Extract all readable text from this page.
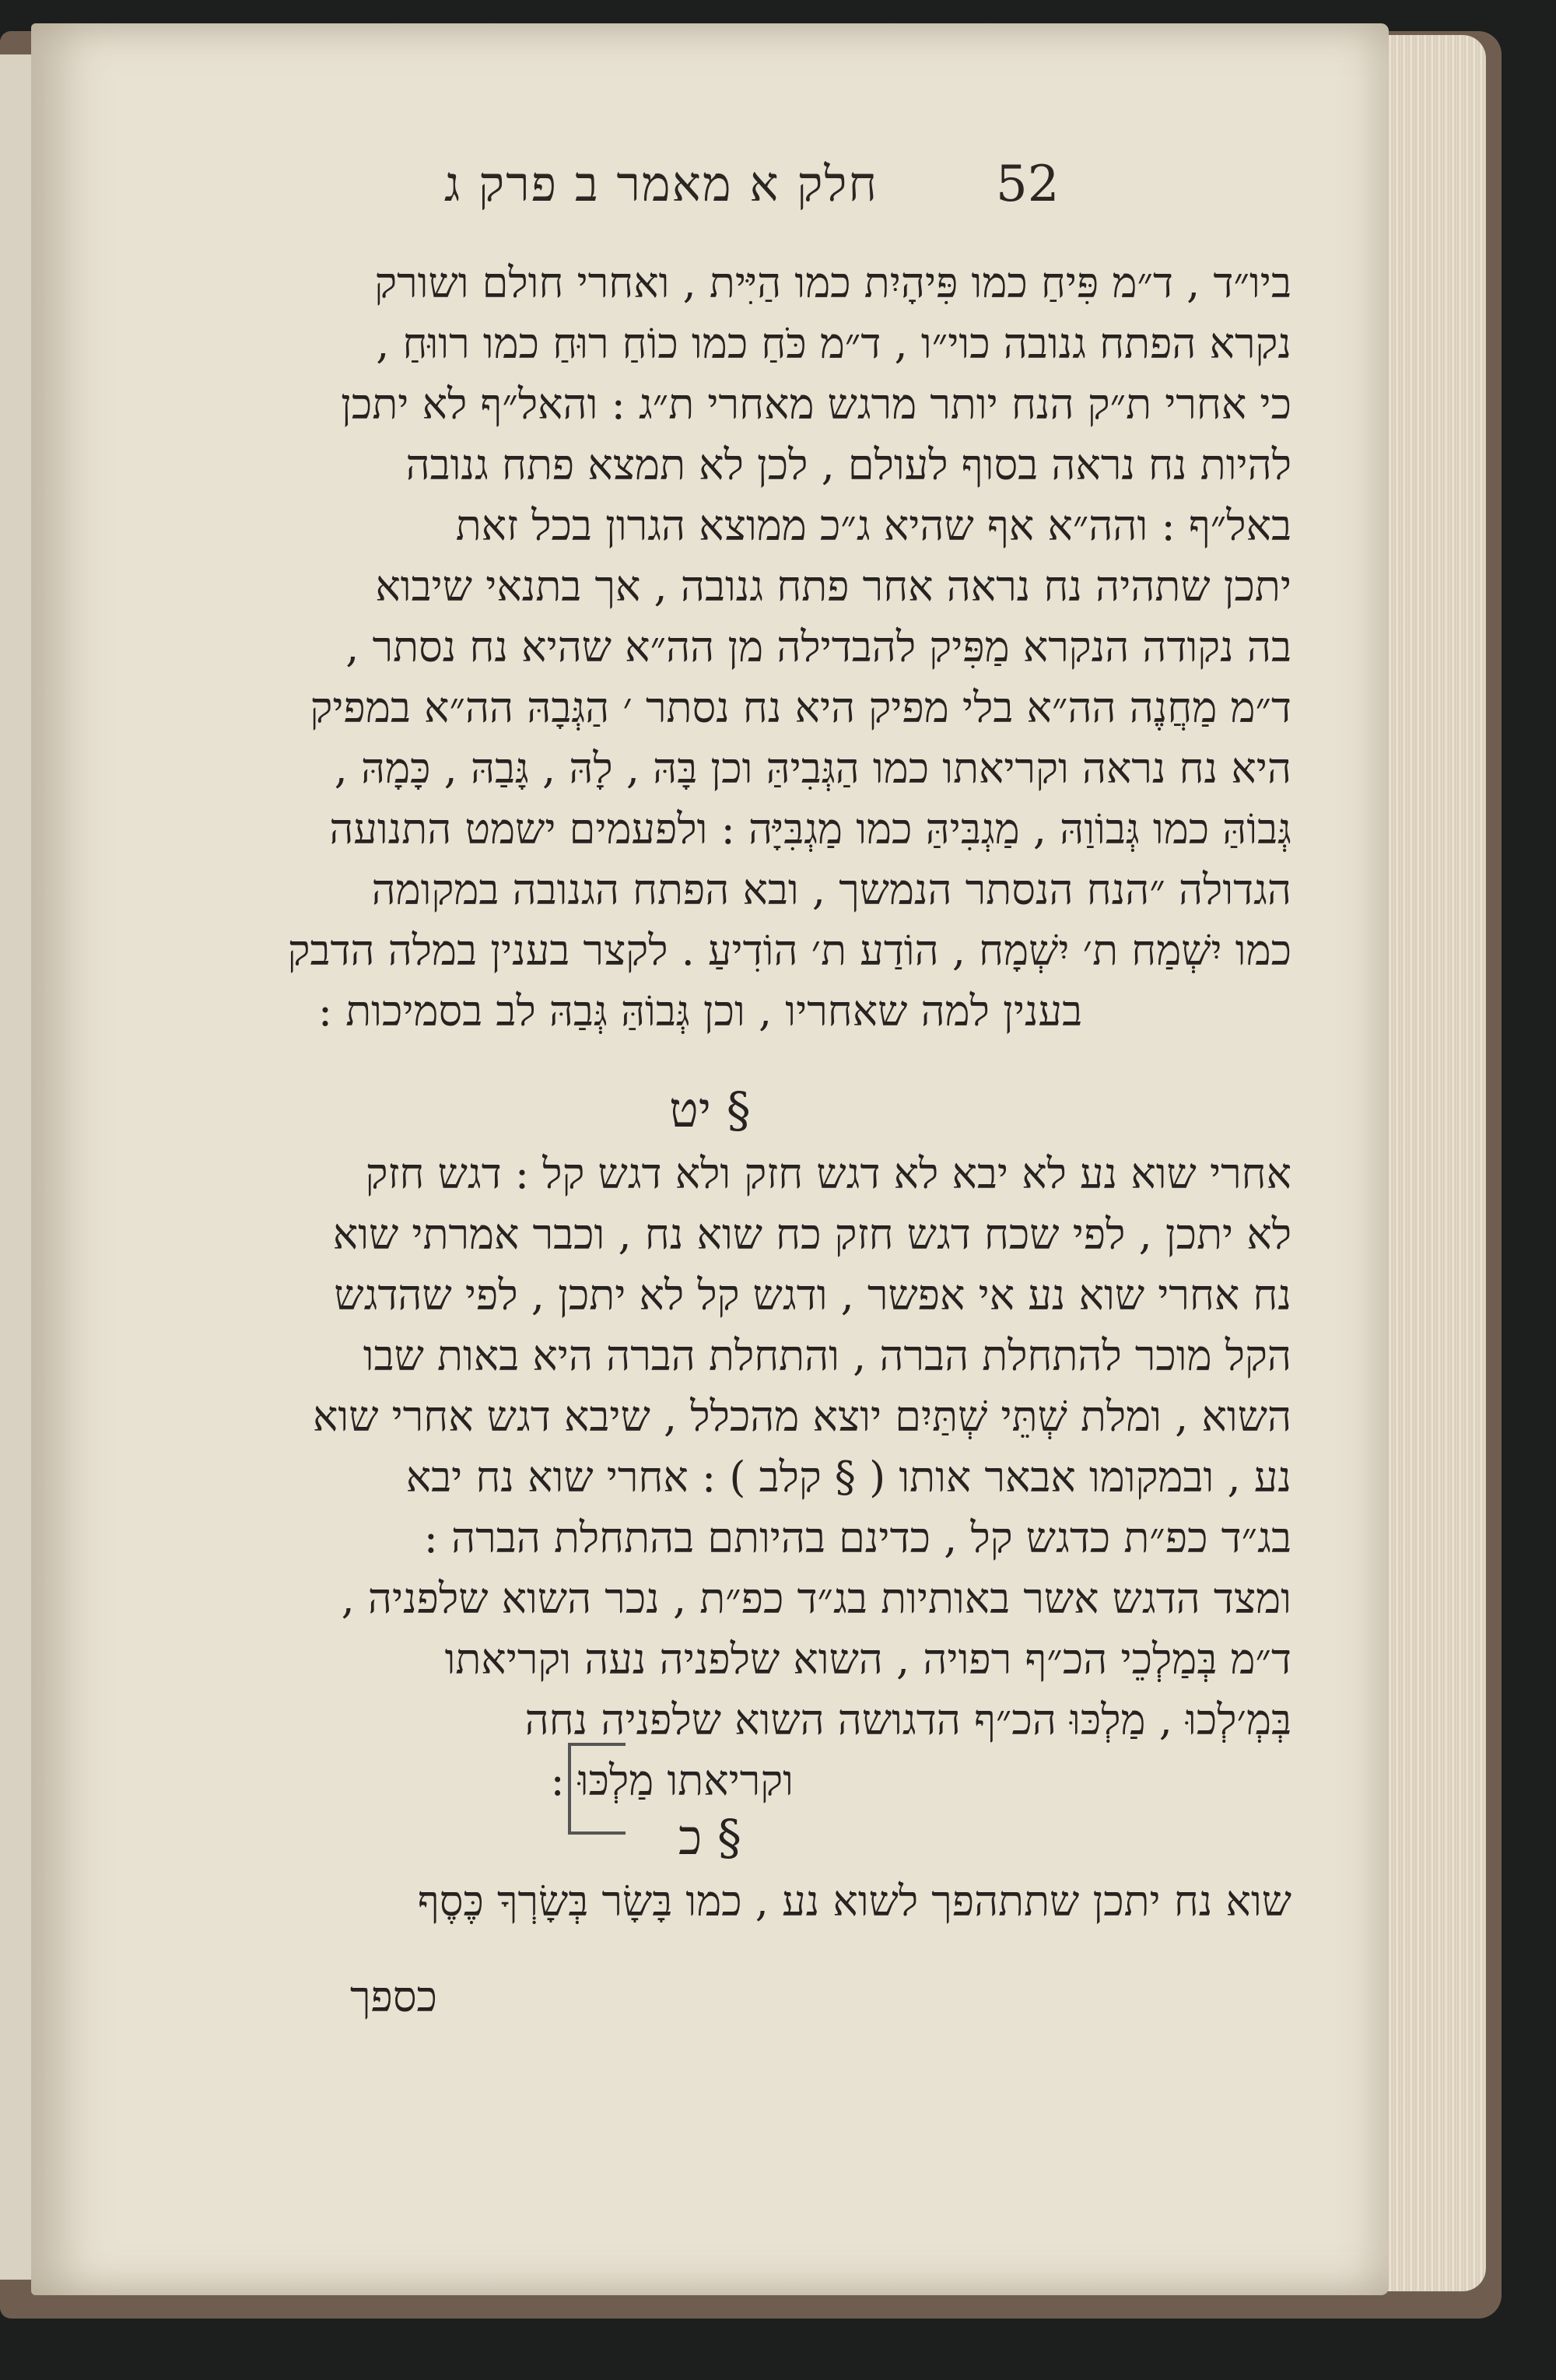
חלק א מאמר ב פרק ג	52

ביו״ד , ד״מ פִּיחַ כמו פִּיהָיִת כמו הַיִּית , ואחרי חולם ושורק

נקרא הפתח גנובה כוי״ו , ד״מ כֹּחַ כמו כוֹחַ רוּחַ כמו רווּחַ ,

כי אחרי ת״ק הנח יותר מרגש מאחרי ת״ג : והאל״ף לא יתכן

להיות נח נראה בסוף לעולם , לכן לא תמצא פתח גנובה

באל״ף : והה״א אף שהיא ג״כ ממוצא הגרון בכל זאת

יתכן שתהיה נח נראה אחר פתח גנובה , אך בתנאי שיבוא

בה נקודה הנקרא מַפִּיק להבדילה מן הה״א שהיא נח נסתר ,

ד״מ מַחֲנֶה הה״א בלי מפיק היא נח נסתר ׳ הַגְּבָהּ הה״א במפיק

היא נח נראה וקריאתו כמו הַגְּבִיהַּ וכן בָּהּ , לָהּ , גָּבַהּ , כָּמָהּ ,

גְּבוֹהַּ כמו גְּבוֹוַהּ , מַגְבִּיהַּ כמו מַגְבִּיָּה : ולפעמים ישמט התנועה

הגדולה ״הנח הנסתר הנמשך , ובא הפתח הגנובה במקומה

כמו יִשְׁמַח ת׳ יִשְׁמָח , הוֹדַע ת׳ הוֹדִיעַ . לקצר בענין במלה הדבק

בענין למה שאחריו , וכן גְּבוֹהַּ גְּבַהּ לב בסמיכות :

§ יט

אחרי שוא נע לא יבא לא דגש חזק ולא דגש קל : דגש חזק

לא יתכן , לפי שכח דגש חזק כח שוא נח , וכבר אמרתי שוא

נח אחרי שוא נע אי אפשר , ודגש קל לא יתכן , לפי שהדגש

הקל מוכר להתחלת הברה , והתחלת הברה היא באות שבו

השוא , ומלת שְׁתֵּי שְׁתַּיִם יוצא מהכלל , שיבא דגש אחרי שוא

נע , ובמקומו אבאר אותו ( § קלב ) : אחרי שוא נח יבא

בג״ד כפ״ת כדגש קל , כדינם בהיותם בהתחלת הברה :

ומצד הדגש אשר באותיות בג״ד כפ״ת , נכר השוא שלפניה ,

ד״מ בְּמַלְכֵי הכ״ף רפויה , השוא שלפניה נעה וקריאתו

בְּמְ׳לְכוּ , מַלְכּוּ הכ״ף הדגושה השוא שלפניה נחה

וקריאתו מַלְכּוּ :

§ כ

שוא נח יתכן שתתהפך לשוא נע , כמו בָּשָׂר בְּשָׂרְךָ כֶּסֶף

כספך
